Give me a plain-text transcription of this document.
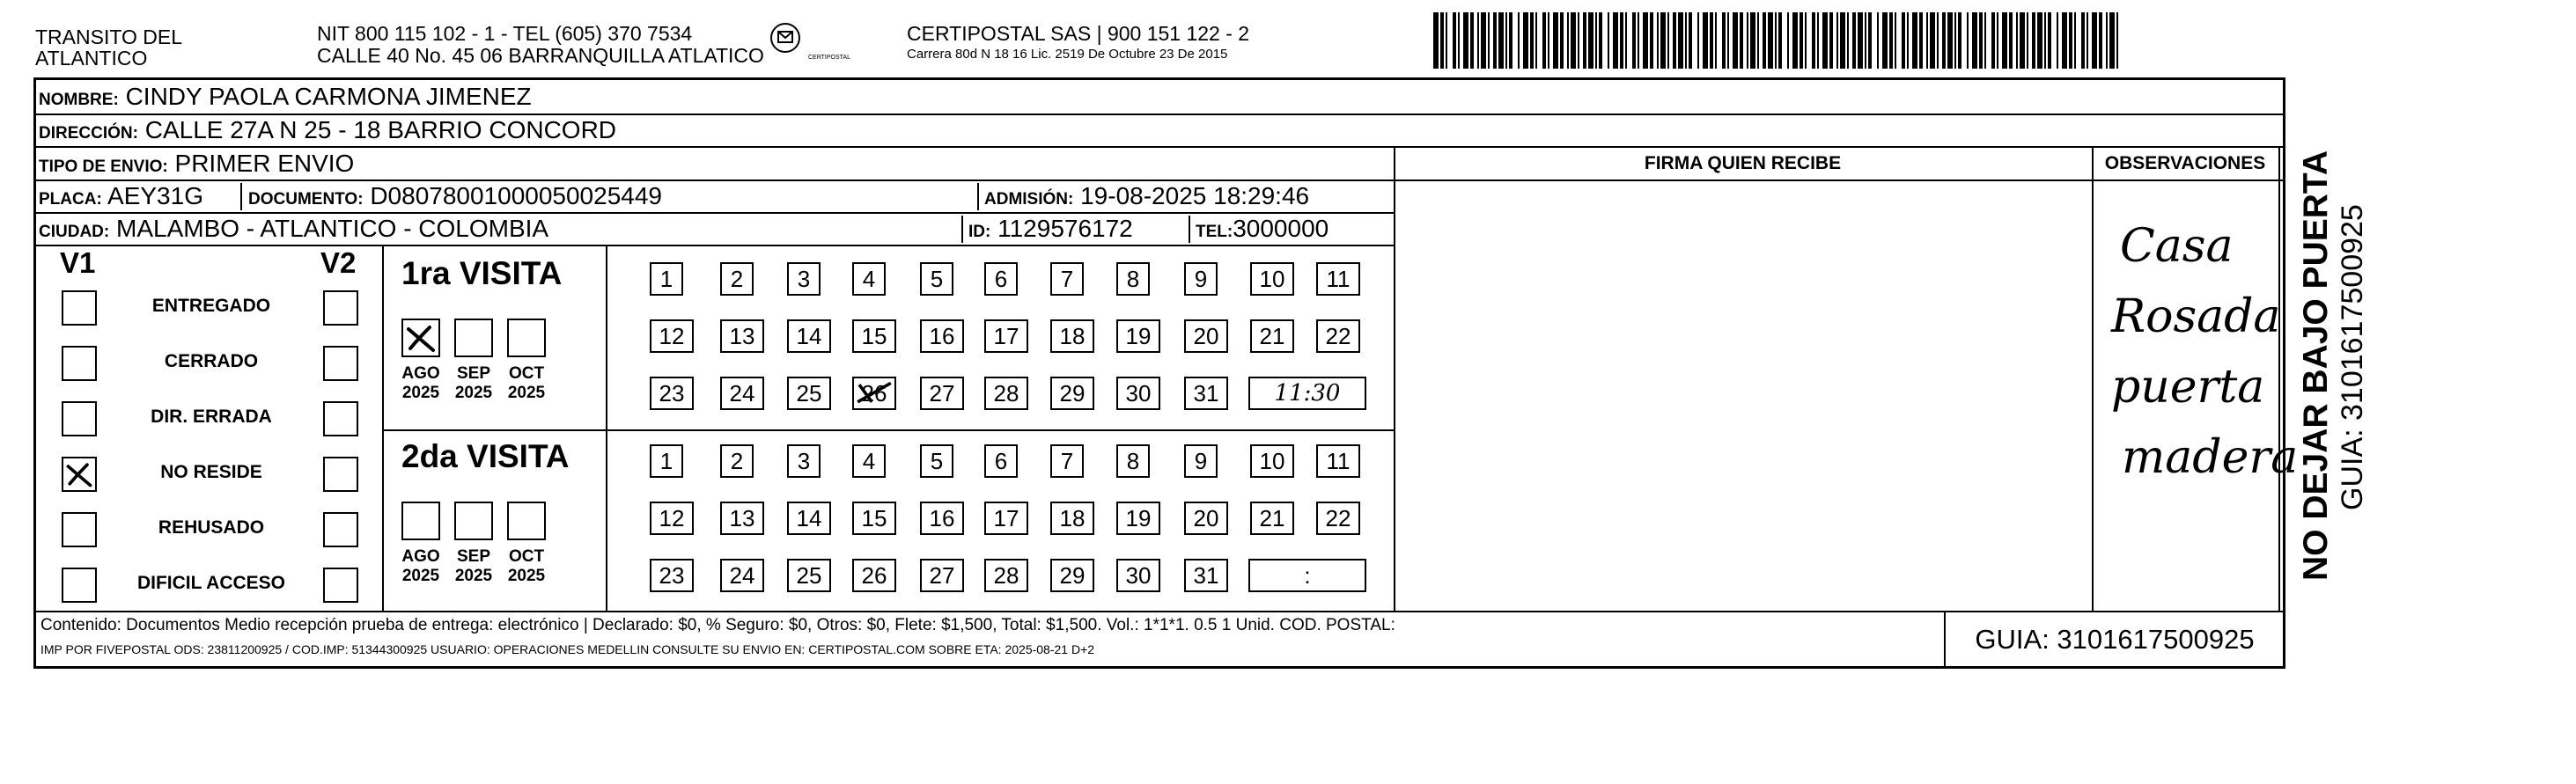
TRANSITO DEL ATLANTICO
NIT 800 115 102 - 1 - TEL (605) 370 7534
CALLE 40 No. 45 06 BARRANQUILLA ATLATICO	CERTIPOSTAL
CERTIPOSTAL SAS | 900 151 122 - 2
Carrera 80d N 18 16 Lic. 2519 De Octubre 23 De 2015
NOMBRE: CINDY PAOLA CARMONA JIMENEZ
DIRECCIÓN: CALLE 27A N 25 - 18 BARRIO CONCORD
TIPO DE ENVIO: PRIMER ENVIO	FIRMA QUIEN RECIBE	OBSERVACIONES
PLACA: AEY31G	DOCUMENTO: D08078001000050025449	ADMISIÓN: 19-08-2025 18:29:46
CIUDAD: MALAMBO - ATLANTICO - COLOMBIA	ID: 1129576172	TEL:3000000
V1	V2
ENTREGADO
CERRADO
DIR. ERRADA
NO RESIDE
REHUSADO
DIFICIL ACCESO
1ra VISITA
AGO
2025
SEP
2025
OCT
2025
1	2	3	4	5	6	7	8	9	10	11
12	13	14	15	16	17	18	19	20	21	22
23	24	25	26	27	28	29	30	31	11:30
2da VISITA
AGO
2025
SEP
2025
OCT
2025
1	2	3	4	5	6	7	8	9	10	11
12	13	14	15	16	17	18	19	20	21	22
23	24	25	26	27	28	29	30	31	:
Casa
Rosada
puerta
madera
Contenido: Documentos Medio recepción prueba de entrega: electrónico | Declarado: $0, % Seguro: $0, Otros: $0, Flete: $1,500, Total: $1,500. Vol.: 1*1*1. 0.5 1 Unid. COD. POSTAL:
IMP POR FIVEPOSTAL ODS: 23811200925 / COD.IMP: 51344300925 USUARIO: OPERACIONES MEDELLIN CONSULTE SU ENVIO EN: CERTIPOSTAL.COM SOBRE ETA: 2025-08-21 D+2	GUIA: 3101617500925
NO DEJAR BAJO PUERTA GUIA: 3101617500925
